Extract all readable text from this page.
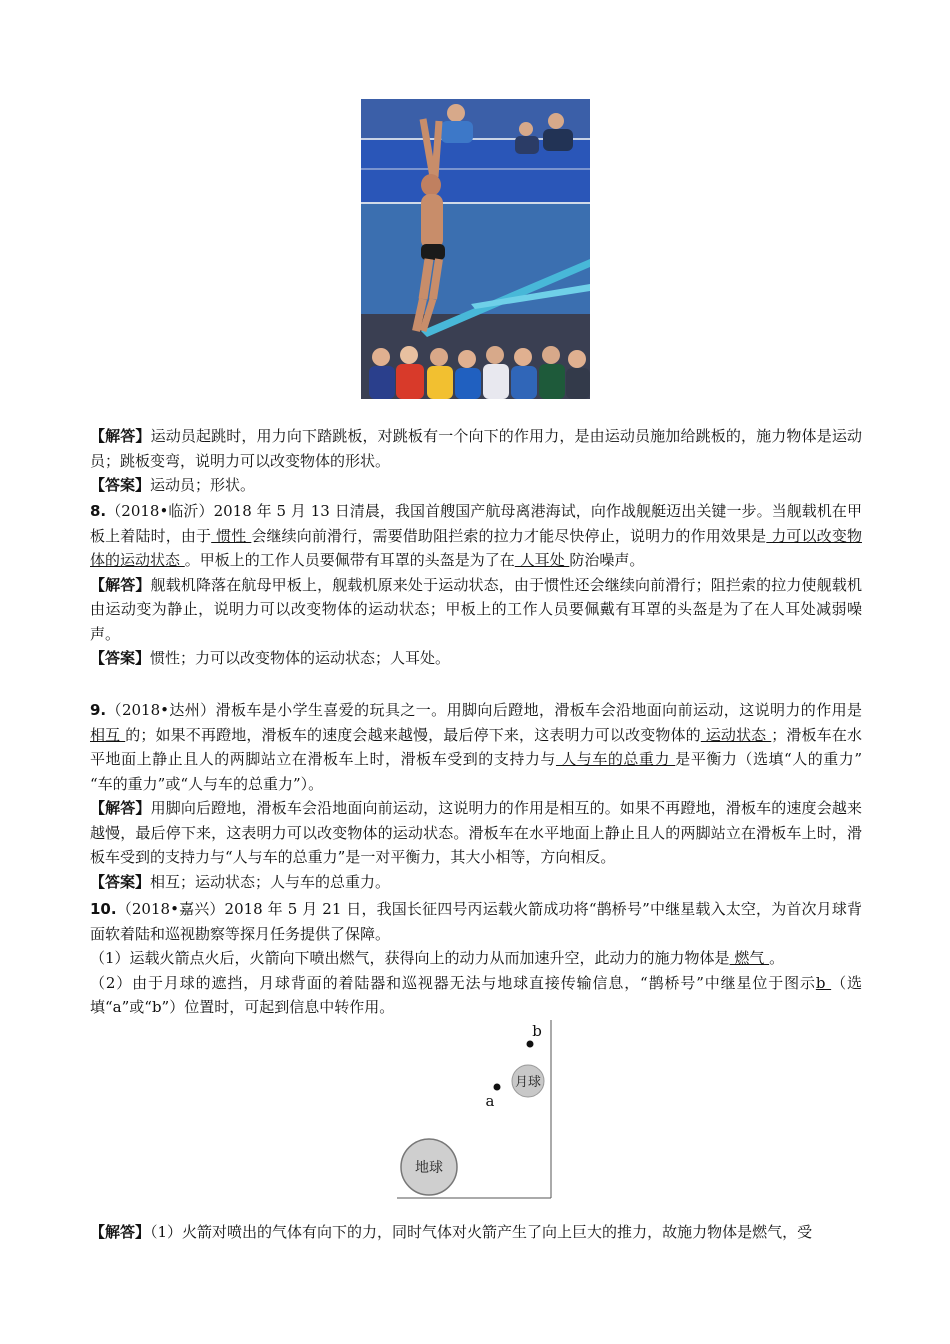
【解答】运动员起跳时，用力向下踏跳板，对跳板有一个向下的作用力，是由运动员施加给跳板的，施力物体是运动员；跳板变弯，说明力可以改变物体的形状。

【答案】运动员；形状。

8.（2018•临沂）2018 年 5 月 13 日清晨，我国首艘国产航母离港海试，向作战舰艇迈出关键一步。当舰载机在甲板上着陆时，由于 惯性 会继续向前滑行，需要借助阻拦索的拉力才能尽快停止，说明力的作用效果是 力可以改变物体的运动状态 。甲板上的工作人员要佩带有耳罩的头盔是为了在 人耳处 防治噪声。

【解答】舰载机降落在航母甲板上，舰载机原来处于运动状态，由于惯性还会继续向前滑行；阻拦索的拉力使舰载机由运动变为静止，说明力可以改变物体的运动状态；甲板上的工作人员要佩戴有耳罩的头盔是为了在人耳处减弱噪声。

【答案】惯性；力可以改变物体的运动状态；人耳处。

9.（2018•达州）滑板车是小学生喜爱的玩具之一。用脚向后蹬地，滑板车会沿地面向前运动，这说明力的作用是 相互 的；如果不再蹬地，滑板车的速度会越来越慢，最后停下来，这表明力可以改变物体的 运动状态 ；滑板车在水平地面上静止且人的两脚站立在滑板车上时，滑板车受到的支持力与 人与车的总重力 是平衡力（选填“人的重力” “车的重力”或“人与车的总重力”）。

【解答】用脚向后蹬地，滑板车会沿地面向前运动，这说明力的作用是相互的。如果不再蹬地，滑板车的速度会越来越慢，最后停下来，这表明力可以改变物体的运动状态。滑板车在水平地面上静止且人的两脚站立在滑板车上时，滑板车受到的支持力与“人与车的总重力”是一对平衡力，其大小相等，方向相反。

【答案】相互；运动状态；人与车的总重力。

10.（2018•嘉兴）2018 年 5 月 21 日，我国长征四号丙运载火箭成功将“鹊桥号”中继星载入太空，为首次月球背面软着陆和巡视勘察等探月任务提供了保障。

（1）运载火箭点火后，火箭向下喷出燃气，获得向上的动力从而加速升空，此动力的施力物体是 燃气 。

（2）由于月球的遮挡，月球背面的着陆器和巡视器无法与地球直接传输信息，“鹊桥号”中继星位于图示b （选填“a”或“b”）位置时，可起到信息中转作用。

月球
地球
b
a

【解答】（1）火箭对喷出的气体有向下的力，同时气体对火箭产生了向上巨大的推力，故施力物体是燃气，受
